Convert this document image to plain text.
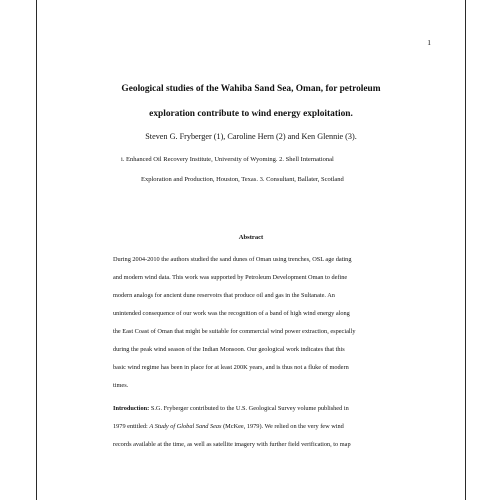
1
Geological studies of the Wahiba Sand Sea, Oman, for petroleum
exploration contribute to wind energy exploitation.
Steven G. Fryberger (1), Caroline Hern (2) and Ken Glennie (3).
i. Enhanced Oil Recovery Institute, University of Wyoming. 2. Shell International
Exploration and Production, Houston, Texas. 3. Consultant, Ballater, Scotland
Abstract
During 2004-2010 the authors studied the sand dunes of Oman using trenches, OSL age dating
and modern wind data. This work was supported by Petroleum Development Oman to define
modern analogs for ancient dune reservoirs that produce oil and gas in the Sultanate. An
unintended consequence of our work was the recognition of a band of high wind energy along
the East Coast of Oman that might be suitable for commercial wind power extraction, especially
during the peak wind season of the Indian Monsoon. Our geological work indicates that this
basic wind regime has been in place for at least 200K years, and is thus not a fluke of modern
times.
Introduction: S.G. Fryberger contributed to the U.S. Geological Survey volume published in
1979 entitled: A Study of Global Sand Seas (McKee, 1979). We relied on the very few wind
records available at the time, as well as satellite imagery with further field verification, to map
